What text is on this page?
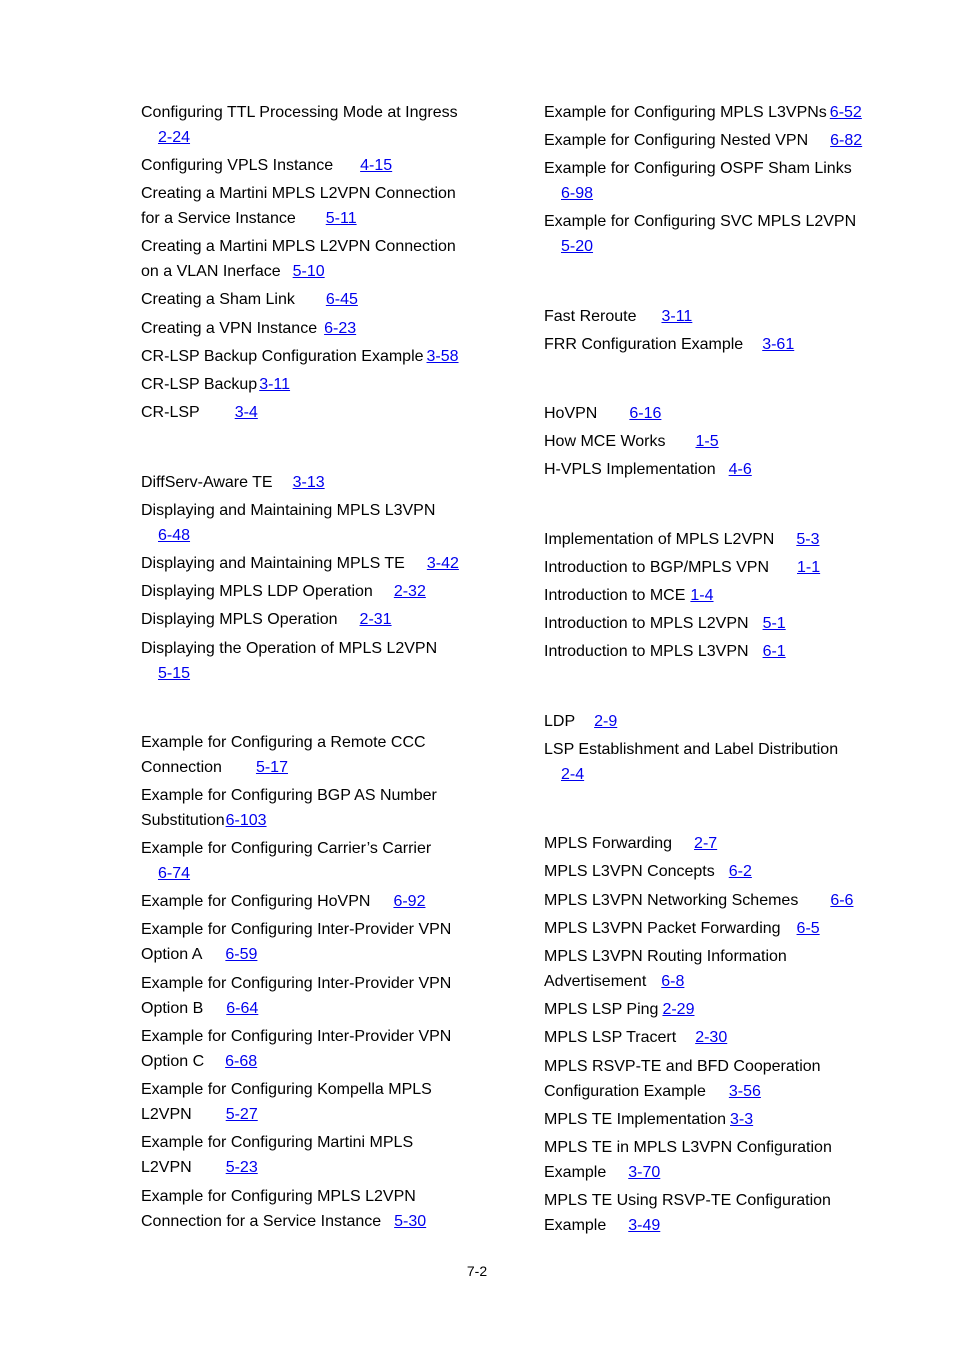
Configuring TTL Processing Mode at Ingress
2-24
Configuring VPLS Instance 4-15
Creating a Martini MPLS L2VPN Connection
for a Service Instance 5-11
Creating a Martini MPLS L2VPN Connection
on a VLAN Inerface 5-10
Creating a Sham Link 6-45
Creating a VPN Instance 6-23
CR-LSP Backup Configuration Example 3-58
CR-LSP Backup 3-11
CR-LSP 3-4
DiffServ-Aware TE 3-13
Displaying and Maintaining MPLS L3VPN
6-48
Displaying and Maintaining MPLS TE 3-42
Displaying MPLS LDP Operation 2-32
Displaying MPLS Operation 2-31
Displaying the Operation of MPLS L2VPN
5-15
Example for Configuring a Remote CCC
Connection 5-17
Example for Configuring BGP AS Number
Substitution6-103
Example for Configuring Carrier’s Carrier
6-74
Example for Configuring HoVPN 6-92
Example for Configuring Inter-Provider VPN
Option A 6-59
Example for Configuring Inter-Provider VPN
Option B 6-64
Example for Configuring Inter-Provider VPN
Option C 6-68
Example for Configuring Kompella MPLS
L2VPN 5-27
Example for Configuring Martini MPLS
L2VPN 5-23
Example for Configuring MPLS L2VPN
Connection for a Service Instance 5-30
Example for Configuring MPLS L3VPNs 6-52
Example for Configuring Nested VPN 6-82
Example for Configuring OSPF Sham Links
6-98
Example for Configuring SVC MPLS L2VPN
5-20
Fast Reroute 3-11
FRR Configuration Example 3-61
HoVPN 6-16
How MCE Works 1-5
H-VPLS Implementation 4-6
Implementation of MPLS L2VPN 5-3
Introduction to BGP/MPLS VPN 1-1
Introduction to MCE 1-4
Introduction to MPLS L2VPN 5-1
Introduction to MPLS L3VPN 6-1
LDP 2-9
LSP Establishment and Label Distribution
2-4
MPLS Forwarding 2-7
MPLS L3VPN Concepts 6-2
MPLS L3VPN Networking Schemes 6-6
MPLS L3VPN Packet Forwarding 6-5
MPLS L3VPN Routing Information
Advertisement 6-8
MPLS LSP Ping 2-29
MPLS LSP Tracert 2-30
MPLS RSVP-TE and BFD Cooperation
Configuration Example 3-56
MPLS TE Implementation 3-3
MPLS TE in MPLS L3VPN Configuration
Example 3-70
MPLS TE Using RSVP-TE Configuration
Example 3-49
7-2
